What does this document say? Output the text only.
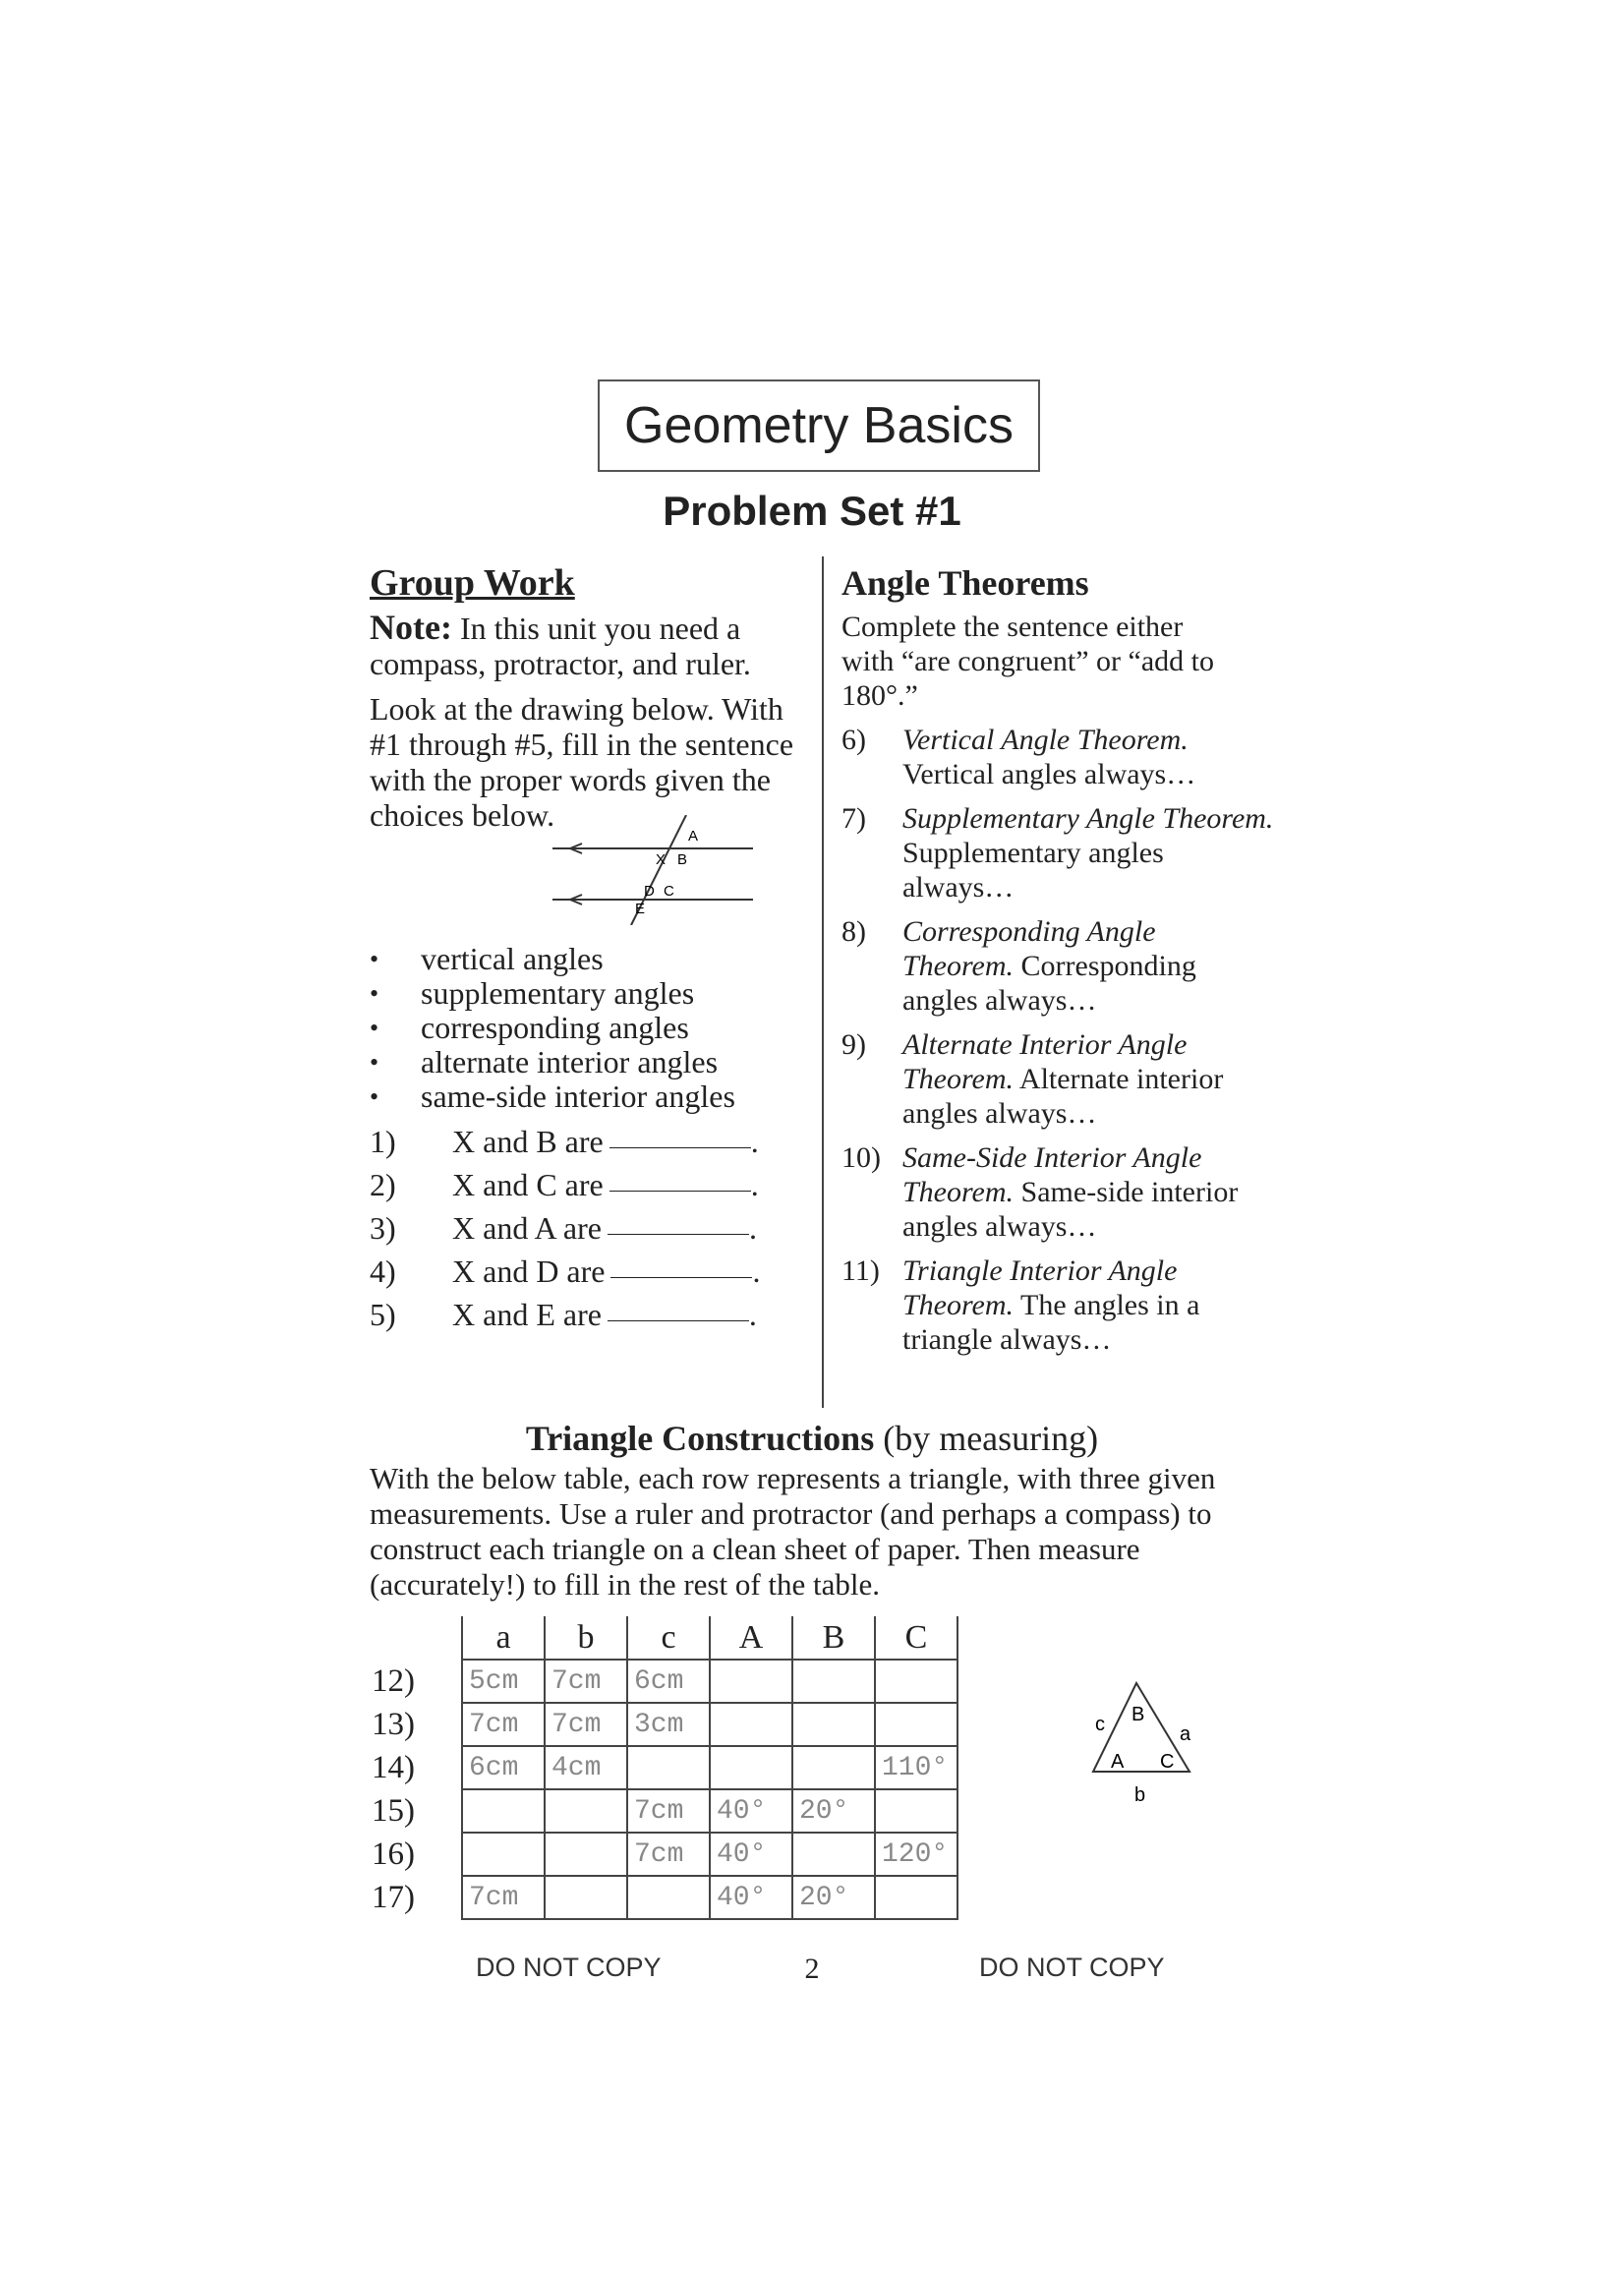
Geometry Basics
Problem Set #1
Group Work

Note: In this unit you need a compass, protractor, and ruler.

Look at the drawing below. With #1 through #5, fill in the sentence with the proper words given the choices below.

A
B
X
C
D
E
•	vertical angles
•	supplementary angles
•	corresponding angles
•	alternate interior angles
•	same-side interior angles
1)	X and B are	.
2)	X and C are	.
3)	X and A are	.
4)	X and D are	.
5)	X and E are	.
Angle Theorems

Complete the sentence either with “are congruent” or “add to 180°.”

6)	Vertical Angle Theorem. Vertical angles always…
7)	Supplementary Angle Theorem. Supplementary angles always…
8)	Corresponding Angle Theorem. Corresponding angles always…
9)	Alternate Interior Angle Theorem. Alternate interior angles always…
10) Same-Side Interior Angle Theorem. Same-side interior angles always…
11) Triangle Interior Angle Theorem. The angles in a triangle always…
Triangle Constructions (by measuring)

With the below table, each row represents a triangle, with three given measurements. Use a ruler and protractor (and perhaps a compass) to construct each triangle on a clean sheet of paper. Then measure (accurately!) to fill in the rest of the table.

	a	b	c	A	B	C
12)	5cm	7cm	6cm			
13)	7cm	7cm	3cm			
14)	6cm	4cm				110°
15)			7cm	40°	20°	
16)			7cm	40°		120°
17)	7cm			40°	20°	
c B
a
A C
b
DO NOT COPY	2	DO NOT COPY
